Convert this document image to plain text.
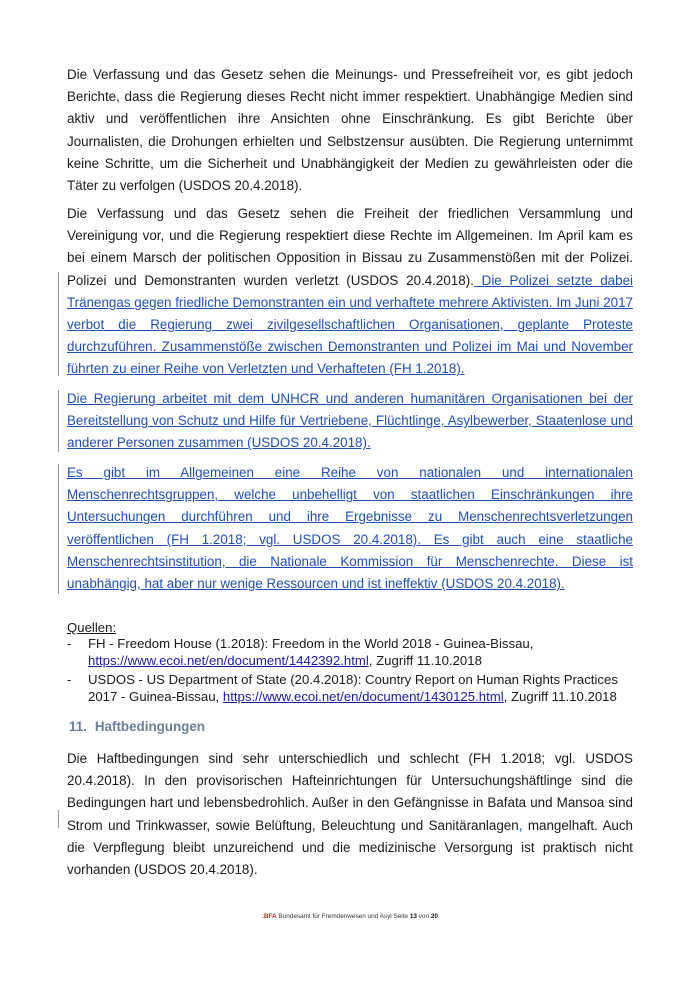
Die Verfassung und das Gesetz sehen die Meinungs- und Pressefreiheit vor, es gibt jedoch Berichte, dass die Regierung dieses Recht nicht immer respektiert. Unabhängige Medien sind aktiv und veröffentlichen ihre Ansichten ohne Einschränkung. Es gibt Berichte über Journalisten, die Drohungen erhielten und Selbstzensur ausübten. Die Regierung unternimmt keine Schritte, um die Sicherheit und Unabhängigkeit der Medien zu gewährleisten oder die Täter zu verfolgen (USDOS 20.4.2018).

Die Verfassung und das Gesetz sehen die Freiheit der friedlichen Versammlung und Vereinigung vor, und die Regierung respektiert diese Rechte im Allgemeinen. Im April kam es bei einem Marsch der politischen Opposition in Bissau zu Zusammenstößen mit der Polizei. Polizei und Demonstranten wurden verletzt (USDOS 20.4.2018). Die Polizei setzte dabei Tränengas gegen friedliche Demonstranten ein und verhaftete mehrere Aktivisten. Im Juni 2017 verbot die Regierung zwei zivilgesellschaftlichen Organisationen, geplante Proteste durchzuführen. Zusammenstöße zwischen Demonstranten und Polizei im Mai und November führten zu einer Reihe von Verletzten und Verhafteten (FH 1.2018).

Die Regierung arbeitet mit dem UNHCR und anderen humanitären Organisationen bei der Bereitstellung von Schutz und Hilfe für Vertriebene, Flüchtlinge, Asylbewerber, Staatenlose und anderer Personen zusammen (USDOS 20.4.2018).

Es gibt im Allgemeinen eine Reihe von nationalen und internationalen Menschenrechtsgruppen, welche unbehelligt von staatlichen Einschränkungen ihre Untersuchungen durchführen und ihre Ergebnisse zu Menschenrechtsverletzungen veröffentlichen (FH 1.2018; vgl. USDOS 20.4.2018). Es gibt auch eine staatliche Menschenrechtsinstitution, die Nationale Kommission für Menschenrechte. Diese ist unabhängig, hat aber nur wenige Ressourcen und ist ineffektiv (USDOS 20.4.2018).

Quellen:
- FH - Freedom House (1.2018): Freedom in the World 2018 - Guinea-Bissau,
https://www.ecoi.net/en/document/1442392.html, Zugriff 11.10.2018
- USDOS - US Department of State (20.4.2018): Country Report on Human Rights Practices 2017 - Guinea-Bissau, https://www.ecoi.net/en/document/1430125.html, Zugriff 11.10.2018
11. Haftbedingungen

Die Haftbedingungen sind sehr unterschiedlich und schlecht (FH 1.2018; vgl. USDOS 20.4.2018). In den provisorischen Hafteinrichtungen für Untersuchungshäftlinge sind die Bedingungen hart und lebensbedrohlich. Außer in den Gefängnisse in Bafata und Mansoa sind Strom und Trinkwasser, sowie Belüftung, Beleuchtung und Sanitäranlagen, mangelhaft. Auch die Verpflegung bleibt unzureichend und die medizinische Versorgung ist praktisch nicht vorhanden (USDOS 20.4.2018).

.BFA Bundesamt für Fremdenwesen und Asyl Seite 13 von 20
